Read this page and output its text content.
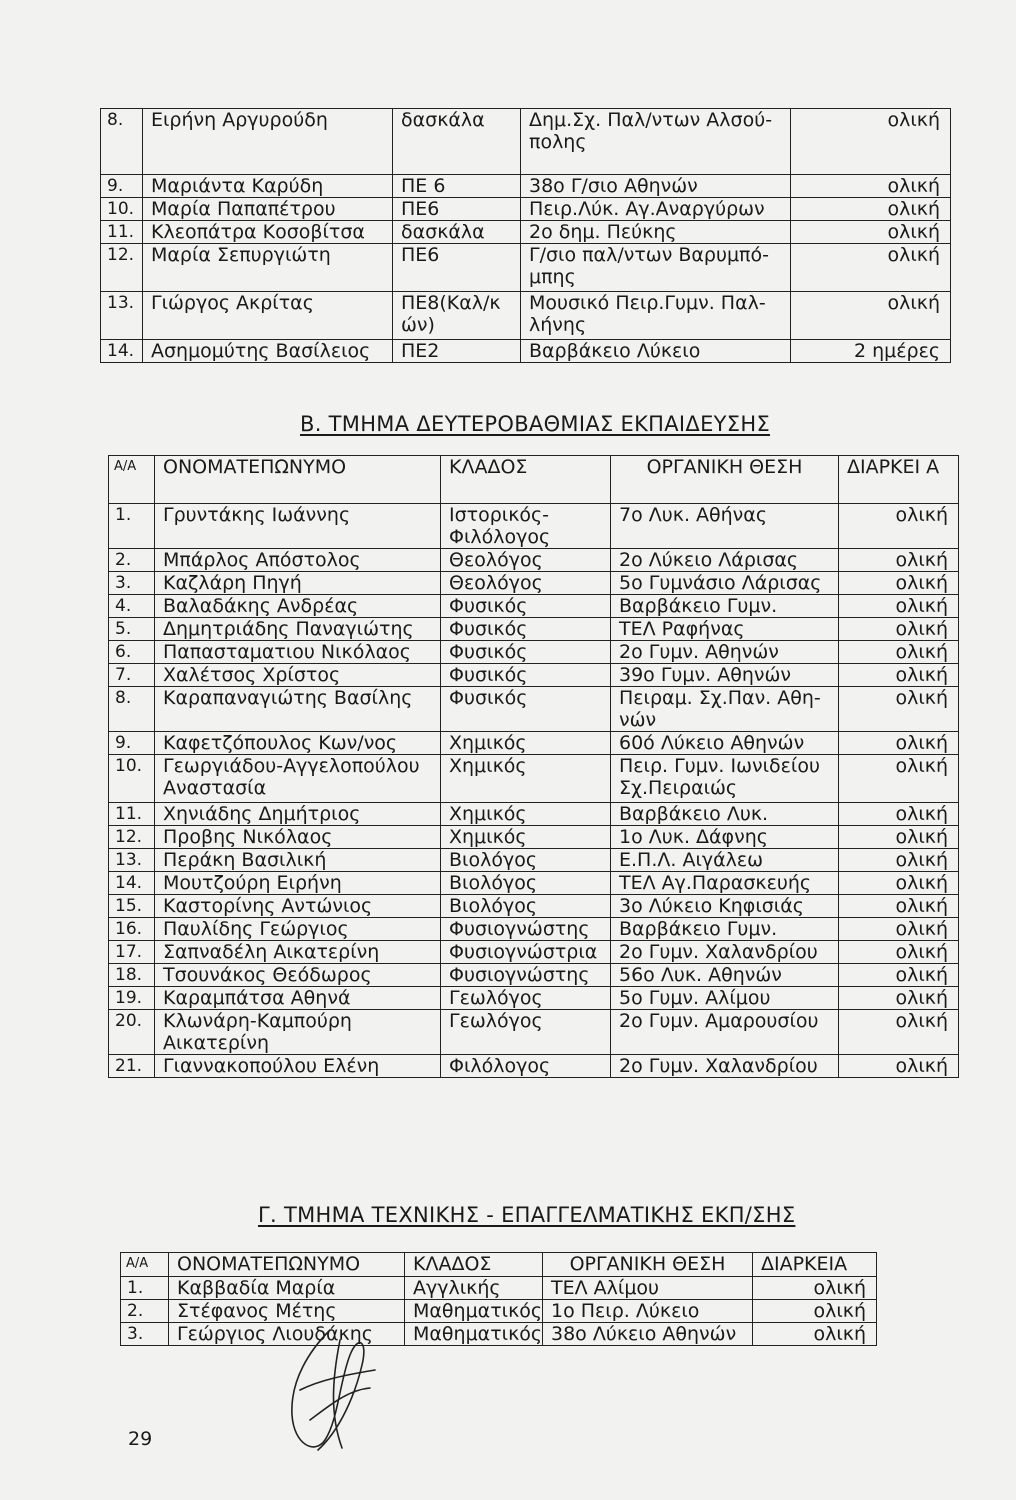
8.	Ειρήνη Αργυρούδη	δασκάλα	Δημ.Σχ. Παλ/ντων Αλσού-πολης	ολική
9.	Μαριάντα Καρύδη	ΠΕ 6	38ο Γ/σιο Αθηνών	ολική
10.	Μαρία Παπαπέτρου	ΠΕ6	Πειρ.Λύκ. Αγ.Αναργύρων	ολική
11.	Κλεοπάτρα Κοσοβίτσα	δασκάλα	2ο δημ. Πεύκης	ολική
12.	Μαρία Σεπυργιώτη	ΠΕ6	Γ/σιο παλ/ντων Βαρυμπό-μπης	ολική
13.	Γιώργος Ακρίτας	ΠΕ8(Καλ/κ ών)	Μουσικό Πειρ.Γυμν. Παλ-λήνης	ολική
14.	Ασημομύτης Βασίλειος	ΠΕ2	Βαρβάκειο Λύκειο	2 ημέρες
Β. ΤΜΗΜΑ ΔΕΥΤΕΡΟΒΑΘΜΙΑΣ ΕΚΠΑΙΔΕΥΣΗΣ
Α/Α	ΟΝΟΜΑΤΕΠΩΝΥΜΟ	ΚΛΑΔΟΣ	ΟΡΓΑΝΙΚΗ ΘΕΣΗ	ΔΙΑΡΚΕΙ Α
1.	Γρυντάκης Ιωάννης	Ιστορικός-Φιλόλογος	7ο Λυκ. Αθήνας	ολική
2.	Μπάρλος Απόστολος	Θεολόγος	2ο Λύκειο Λάρισας	ολική
3.	Καζλάρη Πηγή	Θεολόγος	5ο Γυμνάσιο Λάρισας	ολική
4.	Βαλαδάκης Ανδρέας	Φυσικός	Βαρβάκειο Γυμν.	ολική
5.	Δημητριάδης Παναγιώτης	Φυσικός	ΤΕΛ Ραφήνας	ολική
6.	Παπασταματιου Νικόλαος	Φυσικός	2ο Γυμν. Αθηνών	ολική
7.	Χαλέτσος Χρίστος	Φυσικός	39ο Γυμν. Αθηνών	ολική
8.	Καραπαναγιώτης Βασίλης	Φυσικός	Πειραμ. Σχ.Παν. Αθη-νών	ολική
9.	Καφετζόπουλος Κων/νος	Χημικός	60ό Λύκειο Αθηνών	ολική
10.	Γεωργιάδου-Αγγελοπούλου Αναστασία	Χημικός	Πειρ. Γυμν. Ιωνιδείου Σχ.Πειραιώς	ολική
11.	Χηνιάδης Δημήτριος	Χημικός	Βαρβάκειο Λυκ.	ολική
12.	Προβης Νικόλαος	Χημικός	1ο Λυκ. Δάφνης	ολική
13.	Περάκη Βασιλική	Βιολόγος	Ε.Π.Λ. Αιγάλεω	ολική
14.	Μουτζούρη Ειρήνη	Βιολόγος	ΤΕΛ Αγ.Παρασκευής	ολική
15.	Καστορίνης Αντώνιος	Βιολόγος	3ο Λύκειο Κηφισιάς	ολική
16.	Παυλίδης Γεώργιος	Φυσιογνώστης	Βαρβάκειο Γυμν.	ολική
17.	Σαπναδέλη Αικατερίνη	Φυσιογνώστρια	2ο Γυμν. Χαλανδρίου	ολική
18.	Τσουνάκος Θεόδωρος	Φυσιογνώστης	56ο Λυκ. Αθηνών	ολική
19.	Καραμπάτσα Αθηνά	Γεωλόγος	5ο Γυμν. Αλίμου	ολική
20.	Κλωνάρη-Καμπούρη Αικατερίνη	Γεωλόγος	2ο Γυμν. Αμαρουσίου	ολική
21.	Γιαννακοπούλου Ελένη	Φιλόλογος	2ο Γυμν. Χαλανδρίου	ολική
Γ. ΤΜΗΜΑ ΤΕΧΝΙΚΗΣ - ΕΠΑΓΓΕΛΜΑΤΙΚΗΣ ΕΚΠ/ΣΗΣ
Α/Α	ΟΝΟΜΑΤΕΠΩΝΥΜΟ	ΚΛΑΔΟΣ	ΟΡΓΑΝΙΚΗ ΘΕΣΗ	ΔΙΑΡΚΕΙΑ
1.	Καββαδία Μαρία	Αγγλικής	ΤΕΛ Αλίμου	ολική
2.	Στέφανος Μέτης	Μαθηματικός	1ο Πειρ. Λύκειο	ολική
3.	Γεώργιος Λιουδάκης	Μαθηματικός	38ο Λύκειο Αθηνών	ολική
29
